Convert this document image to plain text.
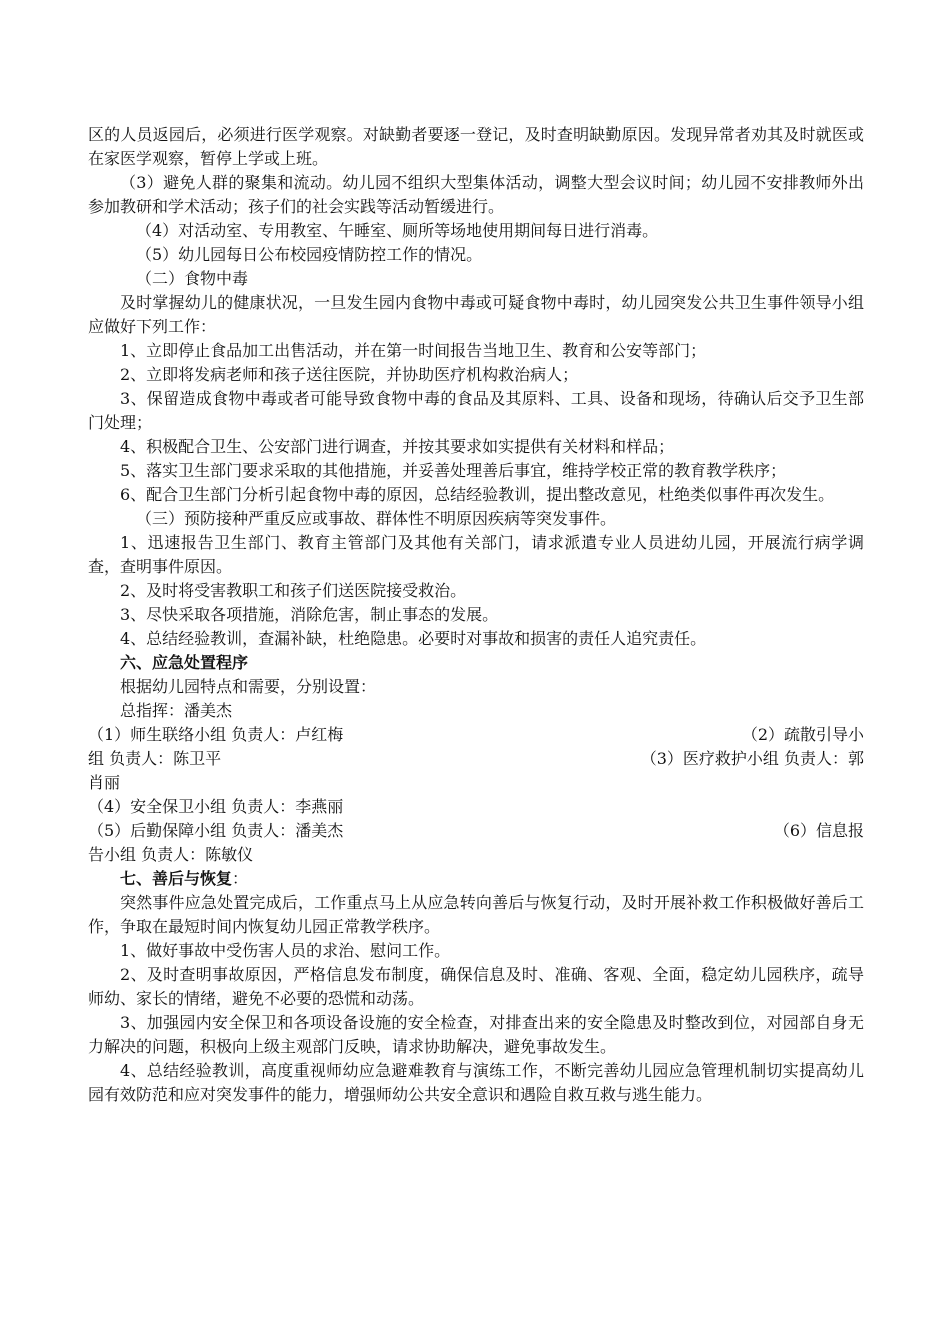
区的人员返园后，必须进行医学观察。对缺勤者要逐一登记，及时查明缺勤原因。发现异常者劝其及时就医或在家医学观察，暂停上学或上班。

（3）避免人群的聚集和流动。幼儿园不组织大型集体活动，调整大型会议时间；幼儿园不安排教师外出参加教研和学术活动；孩子们的社会实践等活动暂缓进行。

（4）对活动室、专用教室、午睡室、厕所等场地使用期间每日进行消毒。

（5）幼儿园每日公布校园疫情防控工作的情况。

（二）食物中毒

及时掌握幼儿的健康状况，一旦发生园内食物中毒或可疑食物中毒时，幼儿园突发公共卫生事件领导小组应做好下列工作：

1、立即停止食品加工出售活动，并在第一时间报告当地卫生、教育和公安等部门；

2、立即将发病老师和孩子送往医院，并协助医疗机构救治病人；

3、保留造成食物中毒或者可能导致食物中毒的食品及其原料、工具、设备和现场，待确认后交予卫生部门处理；

4、积极配合卫生、公安部门进行调查，并按其要求如实提供有关材料和样品；

5、落实卫生部门要求采取的其他措施，并妥善处理善后事宜，维持学校正常的教育教学秩序；

6、配合卫生部门分析引起食物中毒的原因，总结经验教训，提出整改意见，杜绝类似事件再次发生。

（三）预防接种严重反应或事故、群体性不明原因疾病等突发事件。

1、迅速报告卫生部门、教育主管部门及其他有关部门，请求派遣专业人员进幼儿园，开展流行病学调查，查明事件原因。

2、及时将受害教职工和孩子们送医院接受救治。

3、尽快采取各项措施，消除危害，制止事态的发展。

4、总结经验教训，查漏补缺，杜绝隐患。必要时对事故和损害的责任人追究责任。

六、应急处置程序

根据幼儿园特点和需要，分别设置：

总指挥：潘美杰

（1）师生联络小组 负责人：卢红梅	（2）疏散引导小
组 负责人：陈卫平	（3）医疗救护小组 负责人：郭

肖丽

（4）安全保卫小组 负责人：李燕丽

（5）后勤保障小组 负责人：潘美杰	（6）信息报

告小组 负责人：陈敏仪

七、善后与恢复：

突然事件应急处置完成后，工作重点马上从应急转向善后与恢复行动，及时开展补救工作积极做好善后工作，争取在最短时间内恢复幼儿园正常教学秩序。

1、做好事故中受伤害人员的求治、慰问工作。

2、及时查明事故原因，严格信息发布制度，确保信息及时、准确、客观、全面，稳定幼儿园秩序，疏导师幼、家长的情绪，避免不必要的恐慌和动荡。

3、加强园内安全保卫和各项设备设施的安全检查，对排查出来的安全隐患及时整改到位，对园部自身无力解决的问题，积极向上级主观部门反映，请求协助解决，避免事故发生。

4、总结经验教训，高度重视师幼应急避难教育与演练工作，不断完善幼儿园应急管理机制切实提高幼儿园有效防范和应对突发事件的能力，增强师幼公共安全意识和遇险自救互救与逃生能力。
